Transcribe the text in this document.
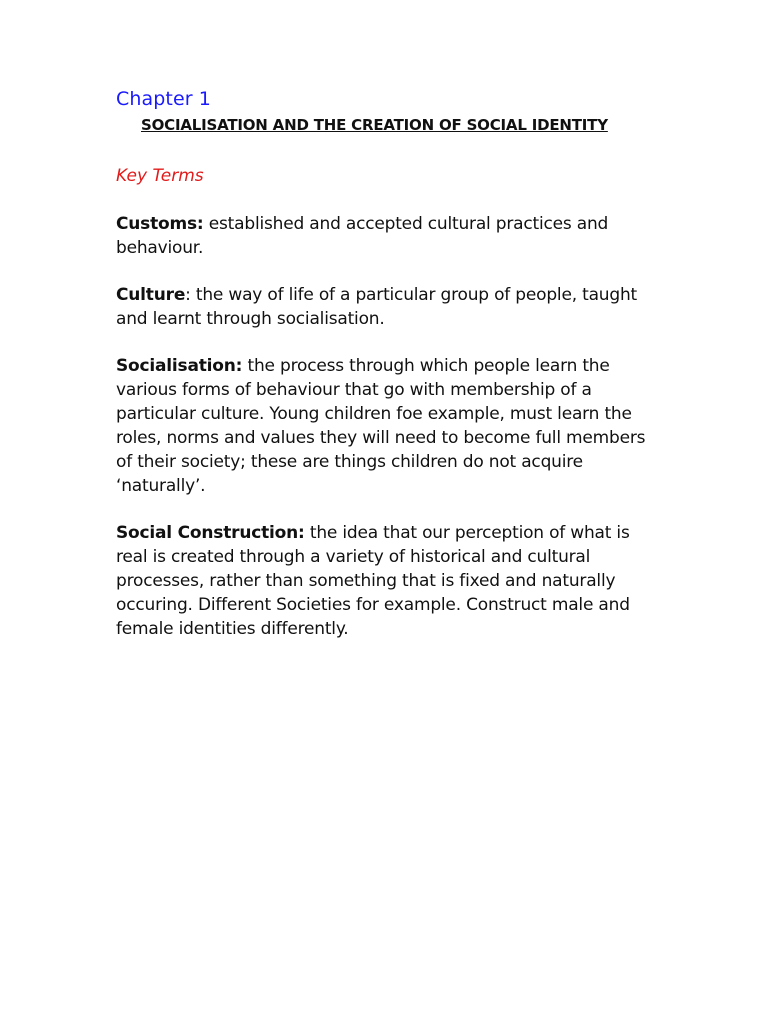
Chapter 1
SOCIALISATION AND THE CREATION OF SOCIAL IDENTITY
Key Terms
Customs: established and accepted cultural practices and behaviour.
Culture: the way of life of a particular group of people, taught and learnt through socialisation.
Socialisation: the process through which people learn the various forms of behaviour that go with membership of a particular culture. Young children foe example, must learn the roles, norms and values they will need to become full members of their society; these are things children do not acquire ‘naturally’.
Social Construction: the idea that our perception of what is real is created through a variety of historical and cultural processes, rather than something that is fixed and naturally occuring. Different Societies for example. Construct male and female identities differently.
